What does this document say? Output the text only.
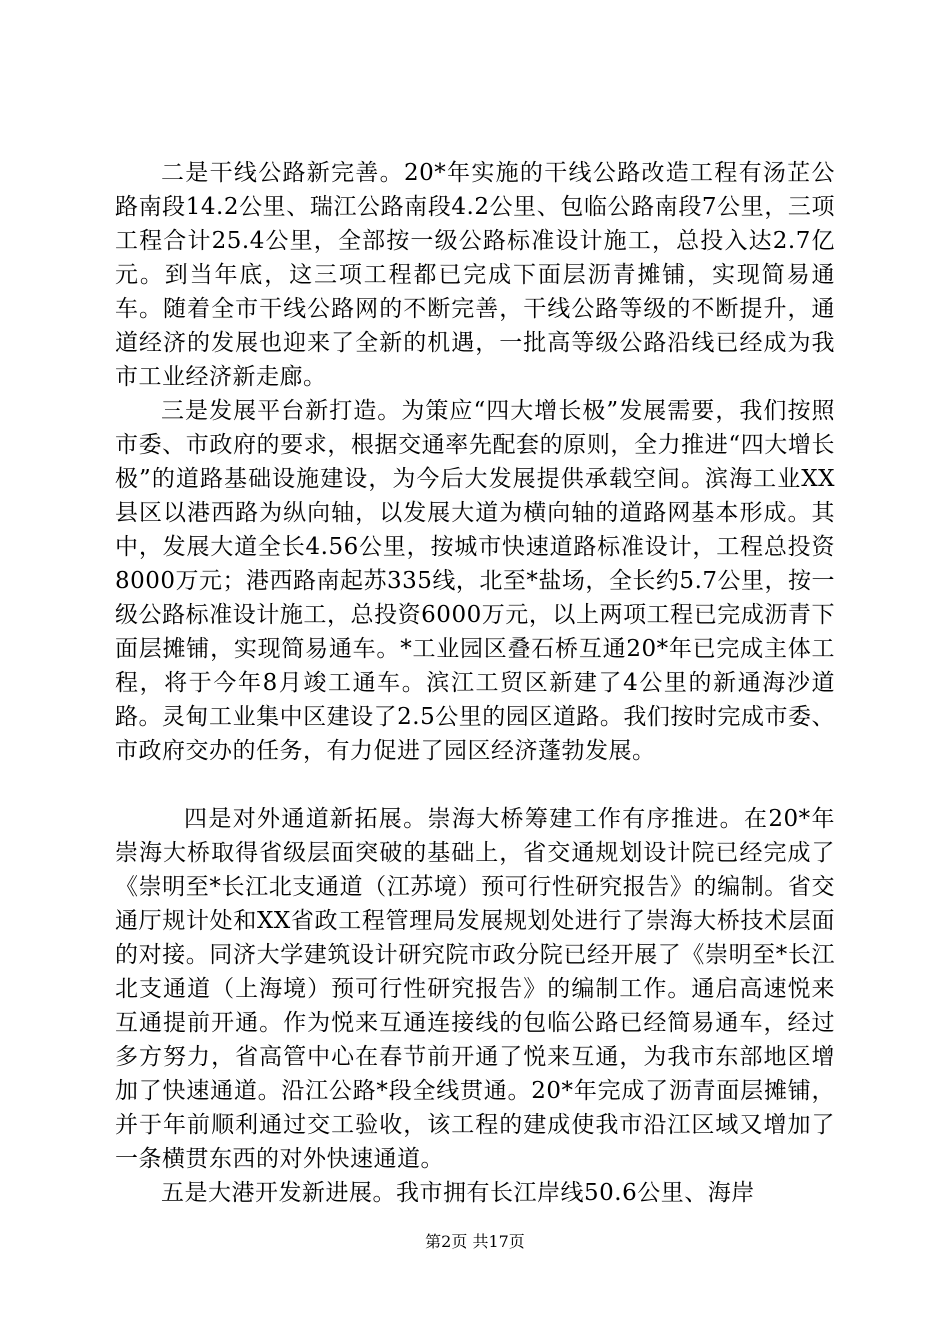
二是干线公路新完善。20*年实施的干线公路改造工程有汤芷公路南段14.2公里、瑞江公路南段4.2公里、包临公路南段7公里，三项工程合计25.4公里，全部按一级公路标准设计施工，总投入达2.7亿元。到当年底，这三项工程都已完成下面层沥青摊铺，实现简易通车。随着全市干线公路网的不断完善，干线公路等级的不断提升，通道经济的发展也迎来了全新的机遇，一批高等级公路沿线已经成为我市工业经济新走廊。

三是发展平台新打造。为策应“四大增长极”发展需要，我们按照市委、市政府的要求，根据交通率先配套的原则，全力推进“四大增长极”的道路基础设施建设，为今后大发展提供承载空间。滨海工业XX县区以港西路为纵向轴，以发展大道为横向轴的道路网基本形成。其中，发展大道全长4.56公里，按城市快速道路标准设计，工程总投资8000万元；港西路南起苏335线，北至*盐场，全长约5.7公里，按一级公路标准设计施工，总投资6000万元，以上两项工程已完成沥青下面层摊铺，实现简易通车。*工业园区叠石桥互通20*年已完成主体工程，将于今年8月竣工通车。滨江工贸区新建了4公里的新通海沙道路。灵甸工业集中区建设了2.5公里的园区道路。我们按时完成市委、市政府交办的任务，有力促进了园区经济蓬勃发展。

四是对外通道新拓展。崇海大桥筹建工作有序推进。在20*年崇海大桥取得省级层面突破的基础上，省交通规划设计院已经完成了《崇明至*长江北支通道（江苏境）预可行性研究报告》的编制。省交通厅规计处和XX省政工程管理局发展规划处进行了崇海大桥技术层面的对接。同济大学建筑设计研究院市政分院已经开展了《崇明至*长江北支通道（上海境）预可行性研究报告》的编制工作。通启高速悦来互通提前开通。作为悦来互通连接线的包临公路已经简易通车，经过多方努力，省高管中心在春节前开通了悦来互通，为我市东部地区增加了快速通道。沿江公路*段全线贯通。20*年完成了沥青面层摊铺，并于年前顺利通过交工验收，该工程的建成使我市沿江区域又增加了一条横贯东西的对外快速通道。

五是大港开发新进展。我市拥有长江岸线50.6公里、海岸

第2页 共17页
